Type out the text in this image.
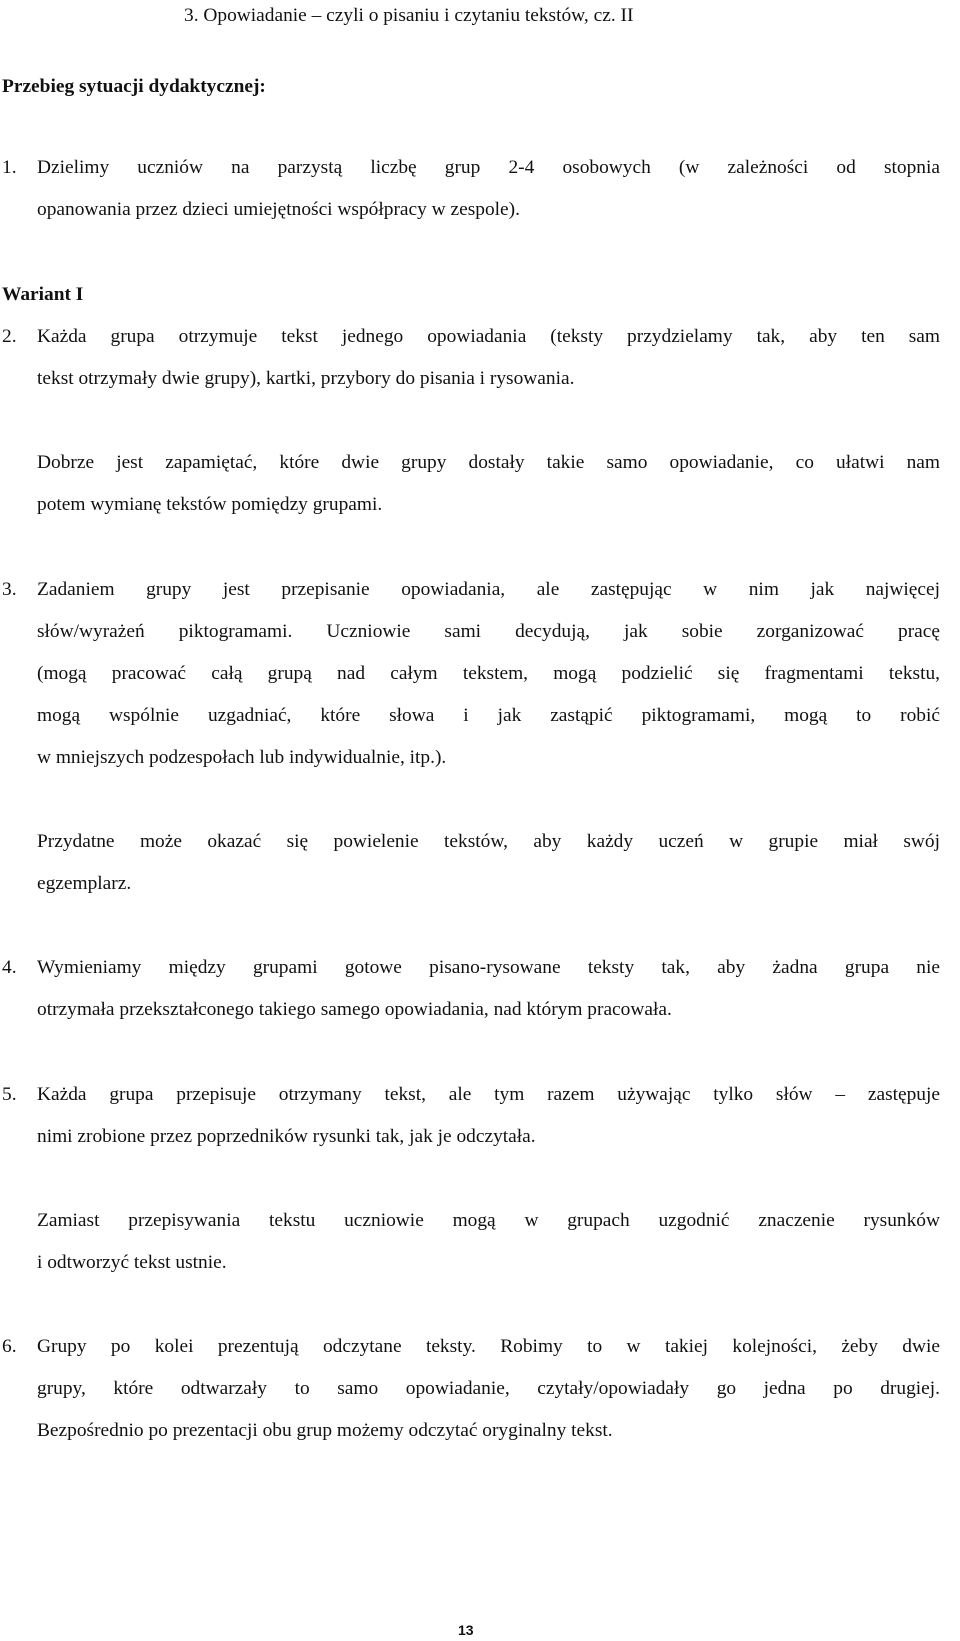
3. Opowiadanie – czyli o pisaniu i czytaniu tekstów, cz. II

Przebieg sytuacji dydaktycznej:

1. Dzielimy uczniów na parzystą liczbę grup 2-4 osobowych (w zależności od stopnia

opanowania przez dzieci umiejętności współpracy w zespole).

Wariant I

2. Każda grupa otrzymuje tekst jednego opowiadania (teksty przydzielamy tak, aby ten sam

tekst otrzymały dwie grupy), kartki, przybory do pisania i rysowania.

Dobrze jest zapamiętać, które dwie grupy dostały takie samo opowiadanie, co ułatwi nam

potem wymianę tekstów pomiędzy grupami.

3. Zadaniem grupy jest przepisanie opowiadania, ale zastępując w nim jak najwięcej

słów/wyrażeń piktogramami. Uczniowie sami decydują, jak sobie zorganizować pracę

(mogą pracować całą grupą nad całym tekstem, mogą podzielić się fragmentami tekstu,

mogą wspólnie uzgadniać, które słowa i jak zastąpić piktogramami, mogą to robić

w mniejszych podzespołach lub indywidualnie, itp.).

Przydatne może okazać się powielenie tekstów, aby każdy uczeń w grupie miał swój

egzemplarz.

4. Wymieniamy między grupami gotowe pisano-rysowane teksty tak, aby żadna grupa nie

otrzymała przekształconego takiego samego opowiadania, nad którym pracowała.

5. Każda grupa przepisuje otrzymany tekst, ale tym razem używając tylko słów – zastępuje

nimi zrobione przez poprzedników rysunki tak, jak je odczytała.

Zamiast przepisywania tekstu uczniowie mogą w grupach uzgodnić znaczenie rysunków

i odtworzyć tekst ustnie.

6. Grupy po kolei prezentują odczytane teksty. Robimy to w takiej kolejności, żeby dwie

grupy, które odtwarzały to samo opowiadanie, czytały/opowiadały go jedna po drugiej.

Bezpośrednio po prezentacji obu grup możemy odczytać oryginalny tekst.

13
